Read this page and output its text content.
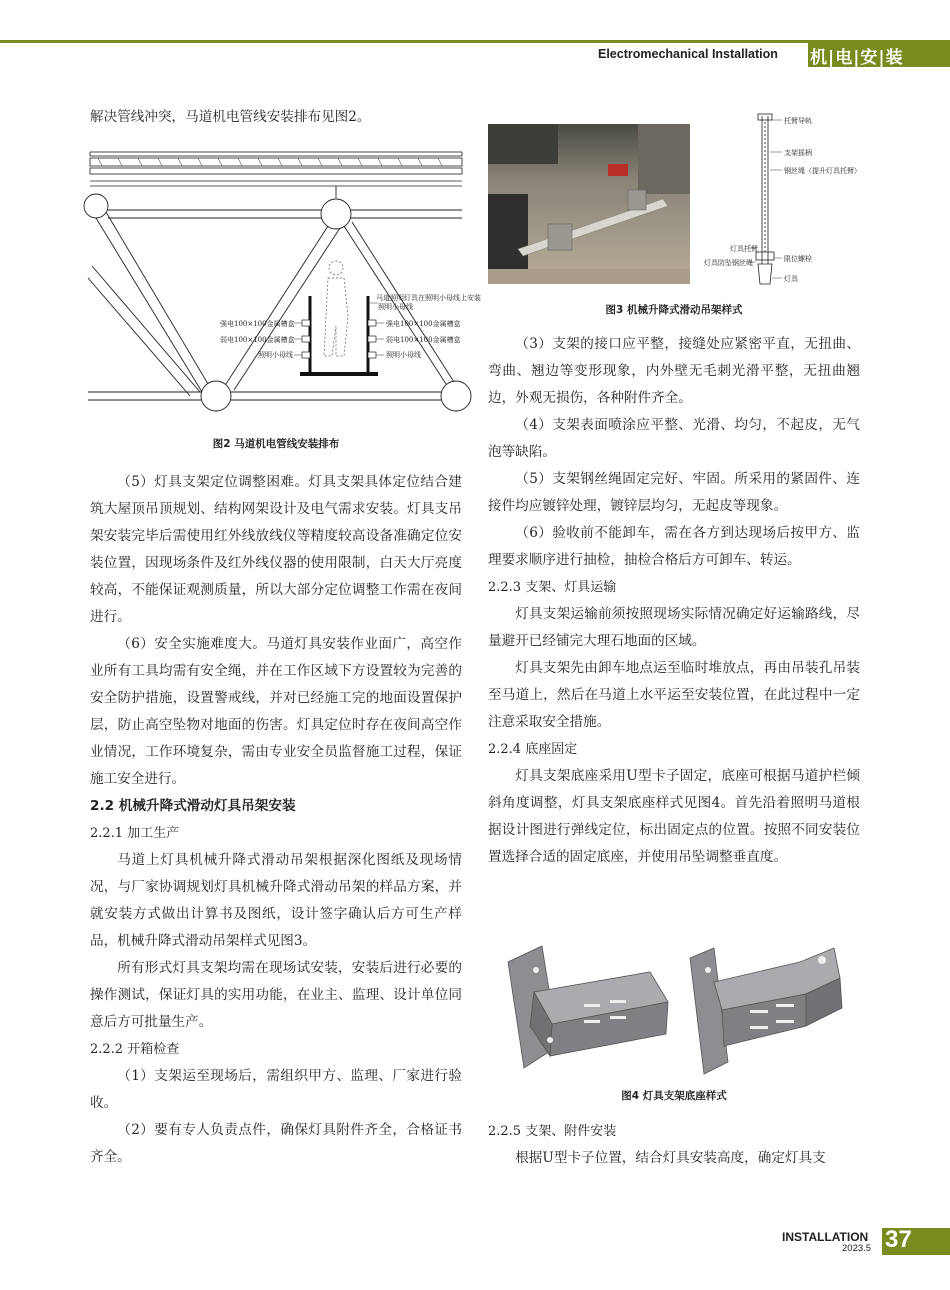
Electromechanical Installation 机|电|安|装

解决管线冲突，马道机电管线安装排布见图2。

强电100×100金属槽盒
弱电100×100金属槽盒
照明小母线
马道照明灯具在照明小母线上安装
照明小母线
强电100×100金属槽盒
弱电100×100金属槽盒
照明小母线
图2 马道机电管线安装排布

（5）灯具支架定位调整困难。灯具支架具体定位结合建筑大屋顶吊顶规划、结构网架设计及电气需求安装。灯具支吊架安装完毕后需使用红外线放线仪等精度较高设备准确定位安装位置，因现场条件及红外线仪器的使用限制，白天大厅亮度较高，不能保证观测质量，所以大部分定位调整工作需在夜间进行。

（6）安全实施难度大。马道灯具安装作业面广，高空作业所有工具均需有安全绳，并在工作区域下方设置较为完善的安全防护措施，设置警戒线，并对已经施工完的地面设置保护层，防止高空坠物对地面的伤害。灯具定位时存在夜间高空作业情况，工作环境复杂，需由专业安全员监督施工过程，保证施工安全进行。

2.2 机械升降式滑动灯具吊架安装

2.2.1 加工生产

马道上灯具机械升降式滑动吊架根据深化图纸及现场情况，与厂家协调规划灯具机械升降式滑动吊架的样品方案，并就安装方式做出计算书及图纸，设计签字确认后方可生产样品，机械升降式滑动吊架样式见图3。

所有形式灯具支架均需在现场试安装，安装后进行必要的操作测试，保证灯具的实用功能，在业主、监理、设计单位同意后方可批量生产。

2.2.2 开箱检查

（1）支架运至现场后，需组织甲方、监理、厂家进行验收。

（2）要有专人负责点件，确保灯具附件齐全，合格证书齐全。

托臂导轨
支架摇柄
钢丝绳（提升灯具托臂）
灯具托臂
灯具防坠钢丝绳	限位螺栓
灯具
图3 机械升降式滑动吊架样式

（3）支架的接口应平整，接缝处应紧密平直，无扭曲、弯曲、翘边等变形现象，内外壁无毛刺光滑平整，无扭曲翘边，外观无损伤，各种附件齐全。

（4）支架表面喷涂应平整、光滑、均匀，不起皮，无气泡等缺陷。

（5）支架钢丝绳固定完好、牢固。所采用的紧固件、连接件均应镀锌处理，镀锌层均匀，无起皮等现象。

（6）验收前不能卸车，需在各方到达现场后按甲方、监理要求顺序进行抽检，抽检合格后方可卸车、转运。

2.2.3 支架、灯具运输

灯具支架运输前须按照现场实际情况确定好运输路线，尽量避开已经铺完大理石地面的区域。

灯具支架先由卸车地点运至临时堆放点，再由吊装孔吊装至马道上，然后在马道上水平运至安装位置，在此过程中一定注意采取安全措施。

2.2.4 底座固定

灯具支架底座采用U型卡子固定，底座可根据马道护栏倾斜角度调整，灯具支架底座样式见图4。首先沿着照明马道根据设计图进行弹线定位，标出固定点的位置。按照不同安装位置选择合适的固定底座，并使用吊坠调整垂直度。

图4 灯具支架底座样式

2.2.5 支架、附件安装

根据U型卡子位置，结合灯具安装高度，确定灯具支

INSTALLATION
2023.5 37
